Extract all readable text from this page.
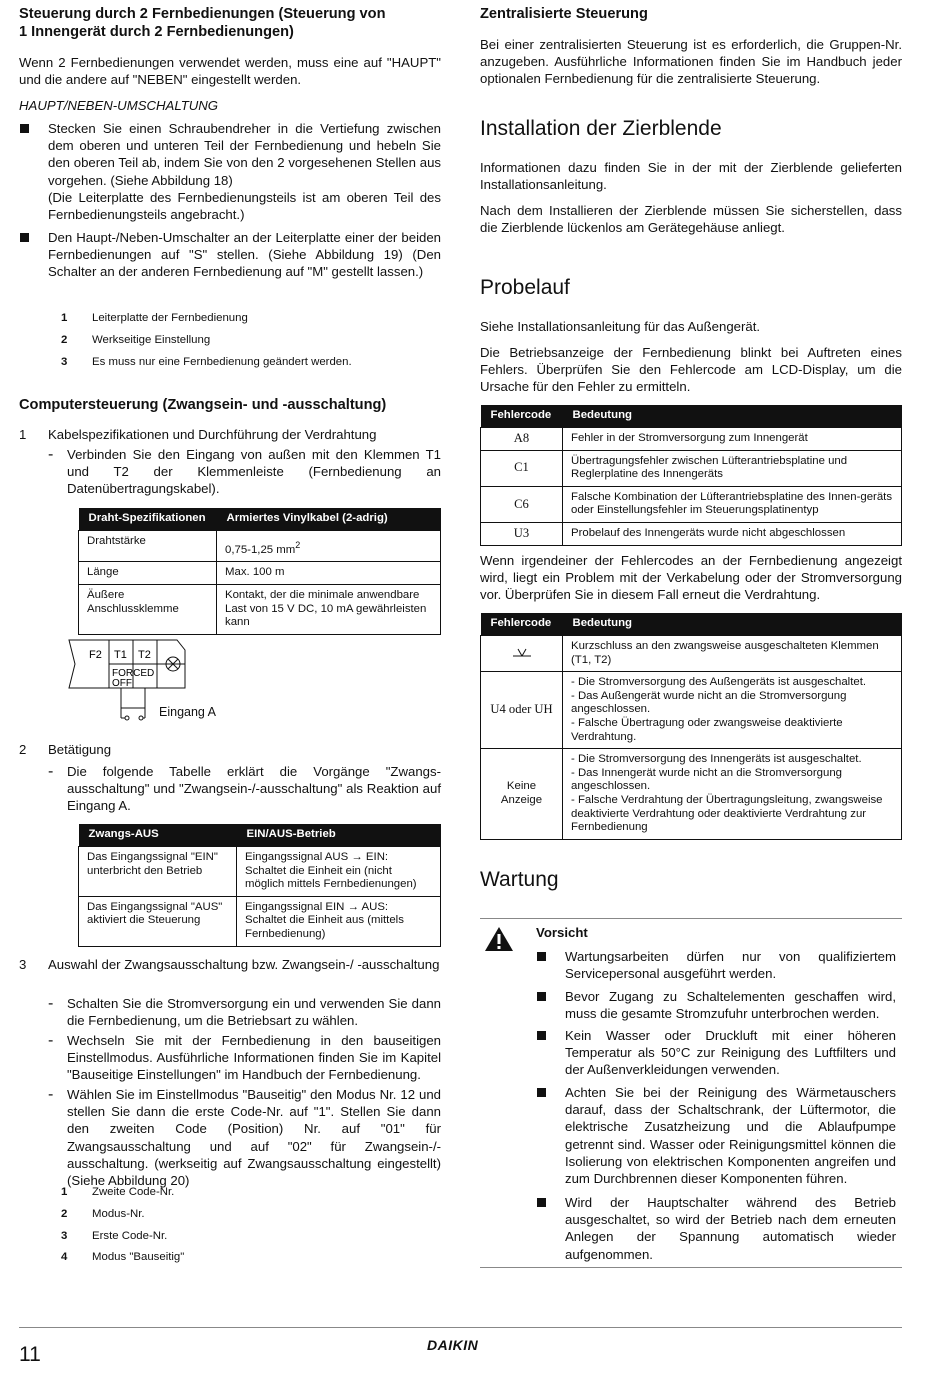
Steuerung durch 2 Fernbedienungen (Steuerung von
1 Innengerät durch 2 Fernbedienungen)

Wenn 2 Fernbedienungen verwendet werden, muss eine auf "HAUPT" und die andere auf "NEBEN" eingestellt werden.

HAUPT/NEBEN-UMSCHALTUNG

Stecken Sie einen Schraubendreher in die Vertiefung zwischen dem oberen und unteren Teil der Fernbedienung und hebeln Sie den oberen Teil ab, indem Sie von den 2 vorgesehenen Stellen aus vorgehen. (Siehe Abbildung 18)

(Die Leiterplatte des Fernbedienungsteils ist am oberen Teil des Fernbedienungsteils angebracht.)

Den Haupt-/Neben-Umschalter an der Leiterplatte einer der beiden Fernbedienungen auf "S" stellen. (Siehe Abbildung 19) (Den Schalter an der anderen Fernbedienung auf "M" gestellt lassen.)

1 Leiterplatte der Fernbedienung
2 Werkseitige Einstellung
3 Es muss nur eine Fernbedienung geändert werden.
Computersteuerung (Zwangsein- und -ausschaltung)
1 Kabelspezifikationen und Durchführung der Verdrahtung

- Verbinden Sie den Eingang von außen mit den Klemmen T1 und T2 der Klemmenleiste (Fernbedienung an Datenübertragungskabel).

Draht-Spezifikationen	Armiertes Vinylkabel (2-adrig)
Drahtstärke	0,75-1,25 $mm^2$
Länge	Max. 100 m
Äußere Anschlussklemme	Kontakt, der die minimale anwendbare Last von 15 V DC, 10 mA gewährleisten kann
F2 T1 T2
FORCED
OFF
Eingang A
2 Betätigung

- Die folgende Tabelle erklärt die Vorgänge "Zwangs-ausschaltung" und "Zwangsein-/-ausschaltung" als Reaktion auf Eingang A.

Zwangs-AUS	EIN/AUS-Betrieb
Das Eingangssignal "EIN" unterbricht den Betrieb	Eingangssignal AUS → EIN: Schaltet die Einheit ein (nicht möglich mittels Fernbedienungen)
Das Eingangssignal "AUS" aktiviert die Steuerung	Eingangssignal EIN → AUS: Schaltet die Einheit aus (mittels Fernbedienung)
3 Auswahl der Zwangsausschaltung bzw. Zwangsein-/ -ausschaltung

- Schalten Sie die Stromversorgung ein und verwenden Sie dann die Fernbedienung, um die Betriebsart zu wählen.

- Wechseln Sie mit der Fernbedienung in den bauseitigen Einstellmodus. Ausführliche Informationen finden Sie im Kapitel "Bauseitige Einstellungen" im Handbuch der Fernbedienung.

- Wählen Sie im Einstellmodus "Bauseitig" den Modus Nr. 12 und stellen Sie dann die erste Code-Nr. auf "1". Stellen Sie dann den zweiten Code (Position) Nr. auf "01" für Zwangsausschaltung und auf "02" für Zwangsein-/-ausschaltung. (werkseitig auf Zwangsausschaltung eingestellt) (Siehe Abbildung 20)

1 Zweite Code-Nr.
2 Modus-Nr.
3 Erste Code-Nr.
4 Modus "Bauseitig"
Zentralisierte Steuerung

Bei einer zentralisierten Steuerung ist es erforderlich, die Gruppen-Nr. anzugeben. Ausführliche Informationen finden Sie im Handbuch jeder optionalen Fernbedienung für die zentralisierte Steuerung.

Installation der Zierblende

Informationen dazu finden Sie in der mit der Zierblende gelieferten Installationsanleitung.

Nach dem Installieren der Zierblende müssen Sie sicherstellen, dass die Zierblende lückenlos am Gerätegehäuse anliegt.

Probelauf

Siehe Installationsanleitung für das Außengerät.

Die Betriebsanzeige der Fernbedienung blinkt bei Auftreten eines Fehlers. Überprüfen Sie den Fehlercode am LCD-Display, um die Ursache für den Fehler zu ermitteln.

Fehlercode	Bedeutung
A8	Fehler in der Stromversorgung zum Innengerät
C1	Übertragungsfehler zwischen Lüfterantriebsplatine und Reglerplatine des Innengeräts
C6	Falsche Kombination der Lüfterantriebsplatine des Innen-geräts oder Einstellungsfehler im Steuerungsplatinentyp
U3	Probelauf des Innengeräts wurde nicht abgeschlossen

Wenn irgendeiner der Fehlercodes an der Fernbedienung angezeigt wird, liegt ein Problem mit der Verkabelung oder der Stromversorgung vor. Überprüfen Sie in diesem Fall erneut die Verdrahtung.

Fehlercode	Bedeutung
	Kurzschluss an den zwangsweise ausgeschalteten Klemmen (T1, T2)
U4 oder UH	- Die Stromversorgung des Außengeräts ist ausgeschaltet.
- Das Außengerät wurde nicht an die Stromversorgung angeschlossen.
- Falsche Übertragung oder zwangsweise deaktivierte Verdrahtung.

Keine Anzeige	- Die Stromversorgung des Innengeräts ist ausgeschaltet.
- Das Innengerät wurde nicht an die Stromversorgung angeschlossen.
- Falsche Verdrahtung der Übertragungsleitung, zwangsweise deaktivierte Verdrahtung oder deaktivierte Verdrahtung zur Fernbedienung
Wartung
Vorsicht

Wartungsarbeiten dürfen nur von qualifiziertem Servicepersonal ausgeführt werden.

Bevor Zugang zu Schaltelementen geschaffen wird, muss die gesamte Stromzufuhr unterbrochen werden.

Kein Wasser oder Druckluft mit einer höheren Temperatur als 50°C zur Reinigung des Luftfilters und der Außenverkleidungen verwenden.

Achten Sie bei der Reinigung des Wärmetauschers darauf, dass der Schaltschrank, der Lüftermotor, die elektrische Zusatzheizung und die Ablaufpumpe getrennt sind. Wasser oder Reinigungsmittel können die Isolierung von elektrischen Komponenten angreifen und zum Durchbrennen dieser Komponenten führen.

Wird der Hauptschalter während des Betrieb ausgeschaltet, so wird der Betrieb nach dem erneuten Anlegen der Spannung automatisch wieder aufgenommen.

11	DAIKIN
